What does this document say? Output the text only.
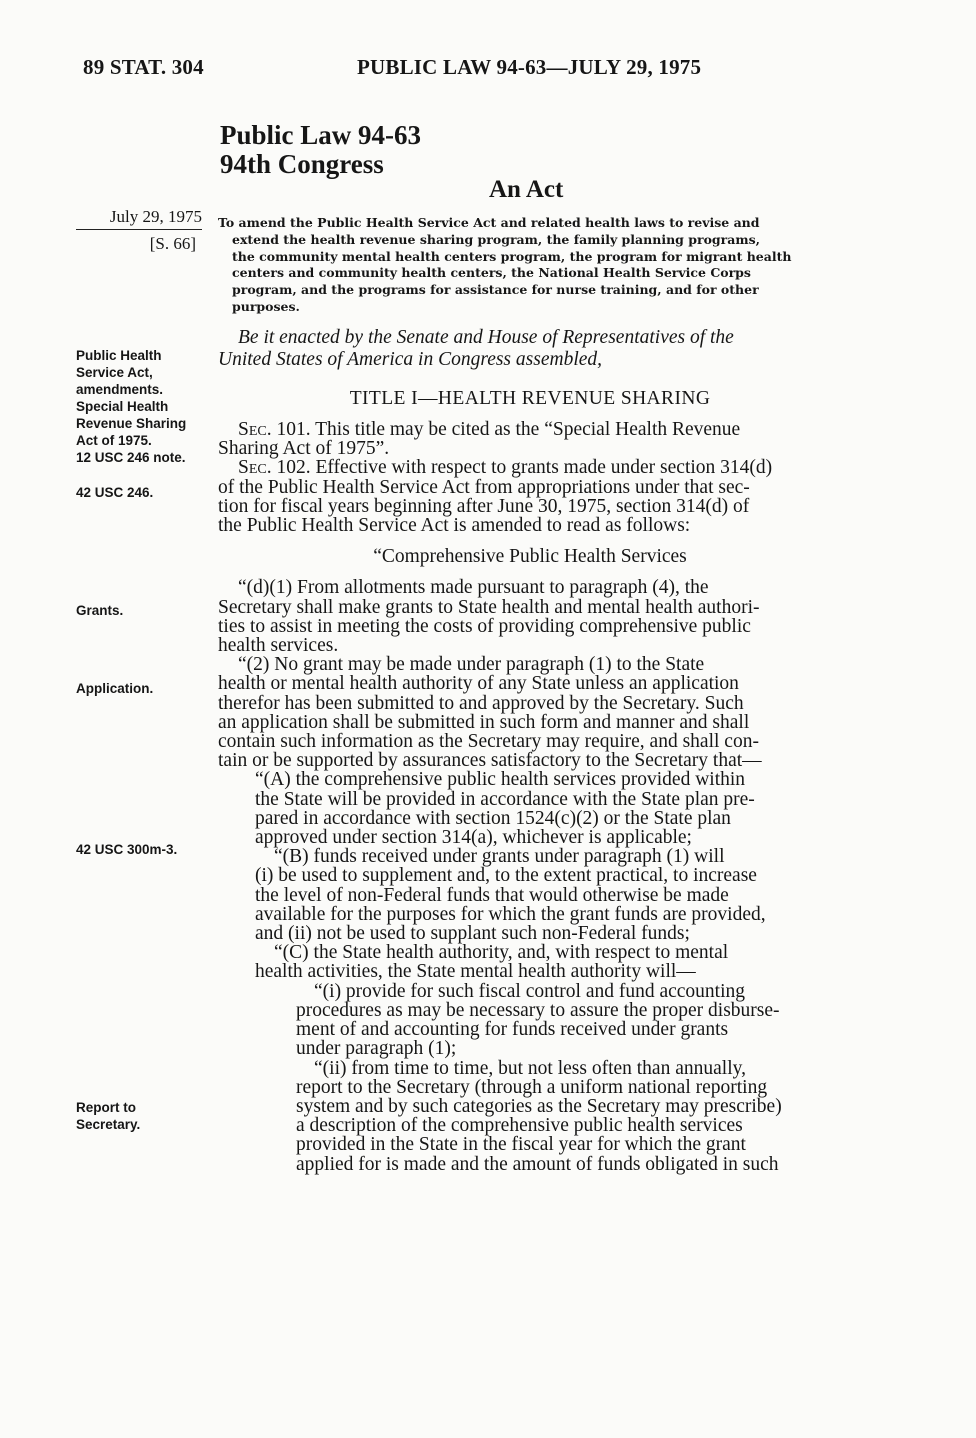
89 STAT. 304	PUBLIC LAW 94-63—JULY 29, 1975
Public Law 94-63
94th Congress
An Act
July 29, 1975
[S. 66]
To amend the Public Health Service Act and related health laws to revise and
extend the health revenue sharing program, the family planning programs,
the community mental health centers program, the program for migrant health
centers and community health centers, the National Health Service Corps
program, and the programs for assistance for nurse training, and for other
purposes.
Be it enacted by the Senate and House of Representatives of the
United States of America in Congress assembled,
TITLE I—HEALTH REVENUE SHARING
Public Health
Service Act,
amendments.
Special Health
Revenue Sharing
Act of 1975.
12 USC 246 note.
42 USC 246.
Grants.
Application.
42 USC 300m-3.
Report to
Secretary.
Sec. 101. This title may be cited as the “Special Health Revenue
Sharing Act of 1975”.
Sec. 102. Effective with respect to grants made under section 314(d)
of the Public Health Service Act from appropriations under that sec-
tion for fiscal years beginning after June 30, 1975, section 314(d) of
the Public Health Service Act is amended to read as follows:
“Comprehensive Public Health Services
“(d)(1) From allotments made pursuant to paragraph (4), the
Secretary shall make grants to State health and mental health authori-
ties to assist in meeting the costs of providing comprehensive public
health services.
“(2) No grant may be made under paragraph (1) to the State
health or mental health authority of any State unless an application
therefor has been submitted to and approved by the Secretary. Such
an application shall be submitted in such form and manner and shall
contain such information as the Secretary may require, and shall con-
tain or be supported by assurances satisfactory to the Secretary that—
“(A) the comprehensive public health services provided within
the State will be provided in accordance with the State plan pre-
pared in accordance with section 1524(c)(2) or the State plan
approved under section 314(a), whichever is applicable;
“(B) funds received under grants under paragraph (1) will
(i) be used to supplement and, to the extent practical, to increase
the level of non-Federal funds that would otherwise be made
available for the purposes for which the grant funds are provided,
and (ii) not be used to supplant such non-Federal funds;
“(C) the State health authority, and, with respect to mental
health activities, the State mental health authority will—
“(i) provide for such fiscal control and fund accounting
procedures as may be necessary to assure the proper disburse-
ment of and accounting for funds received under grants
under paragraph (1);
“(ii) from time to time, but not less often than annually,
report to the Secretary (through a uniform national reporting
system and by such categories as the Secretary may prescribe)
a description of the comprehensive public health services
provided in the State in the fiscal year for which the grant
applied for is made and the amount of funds obligated in such
